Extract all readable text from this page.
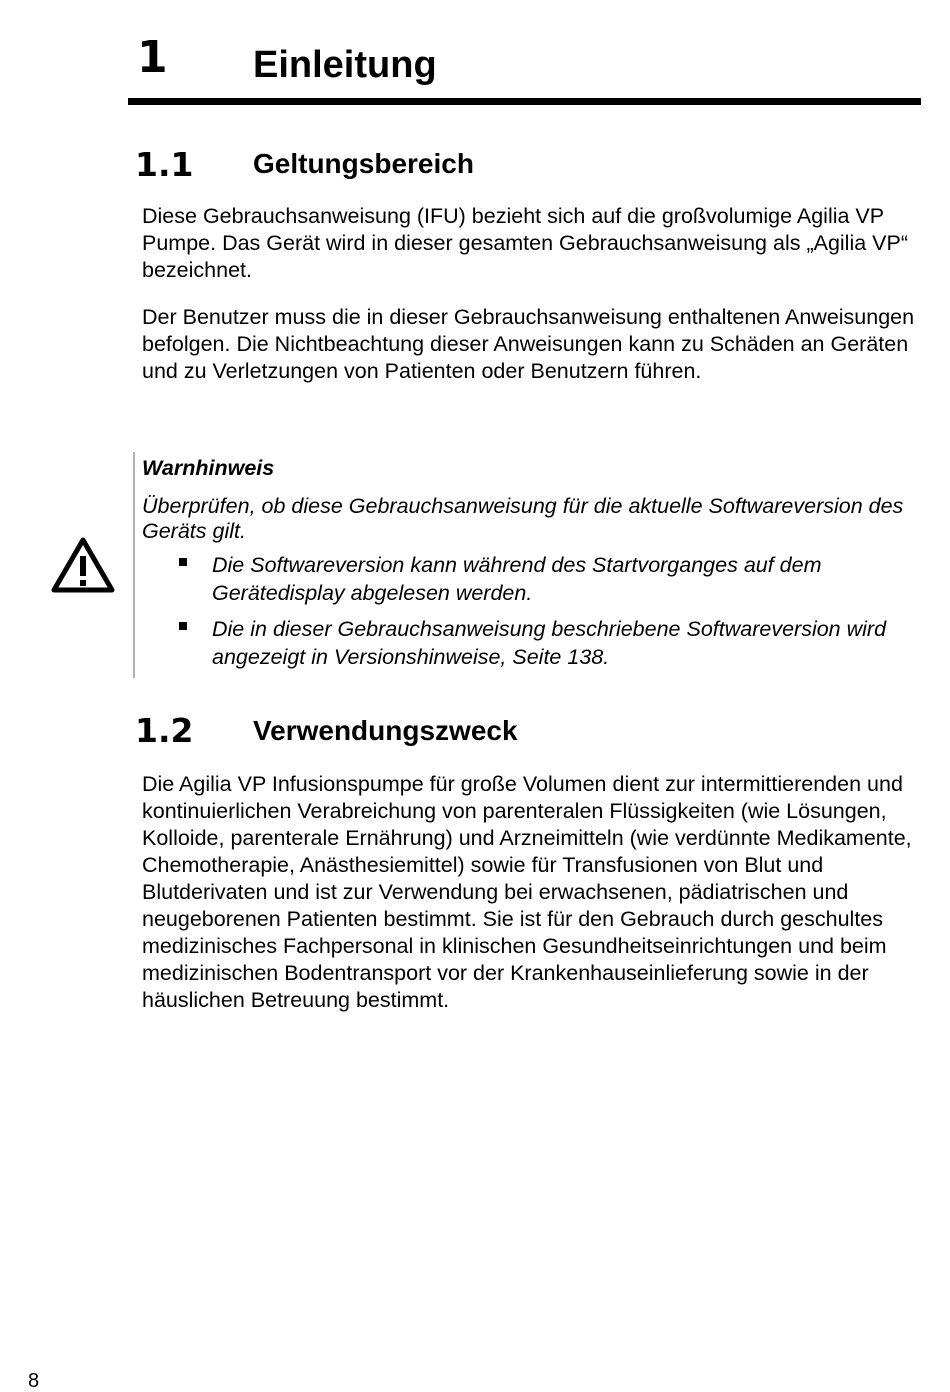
1 Einleitung
1.1 Geltungsbereich

Diese Gebrauchsanweisung (IFU) bezieht sich auf die großvolumige Agilia VP Pumpe. Das Gerät wird in dieser gesamten Gebrauchsanweisung als „Agilia VP“ bezeichnet.

Der Benutzer muss die in dieser Gebrauchsanweisung enthaltenen Anweisungen befolgen. Die Nichtbeachtung dieser Anweisungen kann zu Schäden an Geräten und zu Verletzungen von Patienten oder Benutzern führen.

Warnhinweis

Überprüfen, ob diese Gebrauchsanweisung für die aktuelle Softwareversion des Geräts gilt.

Die Softwareversion kann während des Startvorganges auf dem Gerätedisplay abgelesen werden.

Die in dieser Gebrauchsanweisung beschriebene Softwareversion wird angezeigt in Versionshinweise, Seite 138.

1.2 Verwendungszweck

Die Agilia VP Infusionspumpe für große Volumen dient zur intermittierenden und kontinuierlichen Verabreichung von parenteralen Flüssigkeiten (wie Lösungen, Kolloide, parenterale Ernährung) und Arzneimitteln (wie verdünnte Medikamente, Chemotherapie, Anästhesiemittel) sowie für Transfusionen von Blut und Blutderivaten und ist zur Verwendung bei erwachsenen, pädiatrischen und neugeborenen Patienten bestimmt. Sie ist für den Gebrauch durch geschultes medizinisches Fachpersonal in klinischen Gesundheitseinrichtungen und beim medizinischen Bodentransport vor der Krankenhauseinlieferung sowie in der häuslichen Betreuung bestimmt.

8
